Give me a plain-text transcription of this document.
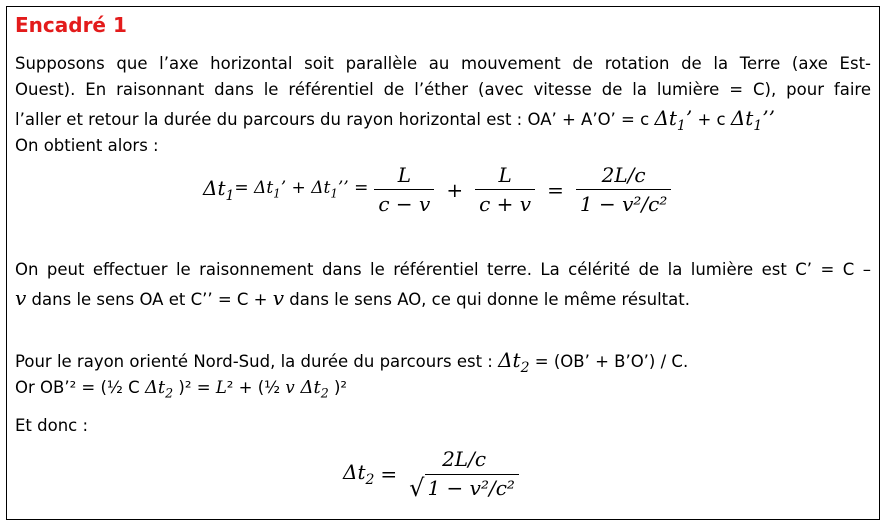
Encadré 1
Supposons que l’axe horizontal soit parallèle au mouvement de rotation de la Terre (axe Est-
Ouest). En raisonnant dans le référentiel de l’éther (avec vitesse de la lumière = C), pour faire
l’aller et retour la durée du parcours du rayon horizontal est : OA’ + A’O’ = c $\Delta t_1$’ + c $\Delta t_1$’’
On obtient alors :
$\Delta t_1 = \Delta t_1$’ + $\Delta t_1$’’ = $\frac{L}{c - v} + \frac{L}{c + v} = \frac{2L/c}{\text{1 − v²/c²}}$
On peut effectuer le raisonnement dans le référentiel terre. La célérité de la lumière est C’ = C –
v dans le sens OA et C’’ = C + v dans le sens AO, ce qui donne le même résultat.
Pour le rayon orienté Nord-Sud, la durée du parcours est : $\Delta t_2 = (OB$’ + B’O’) / C.
Or OB’² = (½ C $\Delta t_2$ )² = L² + (½ v $\Delta t_2$ )²
Et donc :
$\Delta t_2$ =
2L/c
√ 1 − v²/c²
